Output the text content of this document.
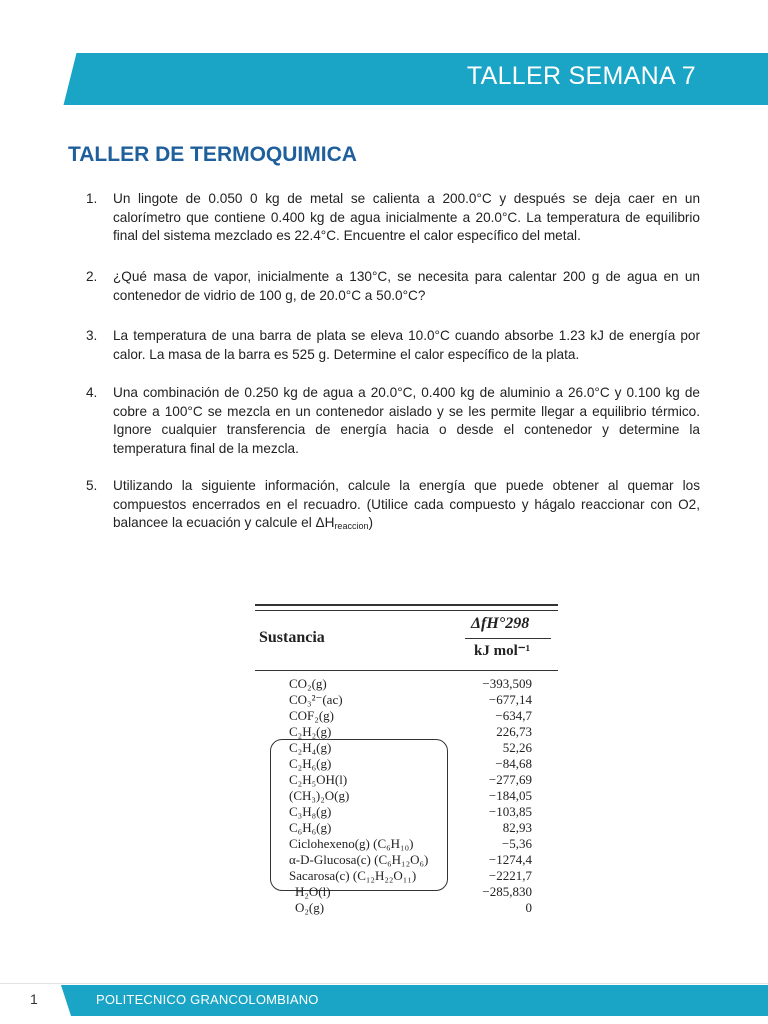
TALLER SEMANA 7
TALLER DE TERMOQUIMICA
1.	Un lingote de 0.050 0 kg de metal se calienta a 200.0°C y después se deja caer en un calorímetro que contiene 0.400 kg de agua inicialmente a 20.0°C. La temperatura de equilibrio final del sistema mezclado es 22.4°C. Encuentre el calor específico del metal.
2.	¿Qué masa de vapor, inicialmente a 130°C, se necesita para calentar 200 g de agua en un contenedor de vidrio de 100 g, de 20.0°C a 50.0°C?
3.	La temperatura de una barra de plata se eleva 10.0°C cuando absorbe 1.23 kJ de energía por calor. La masa de la barra es 525 g. Determine el calor específico de la plata.
4.	Una combinación de 0.250 kg de agua a 20.0°C, 0.400 kg de aluminio a 26.0°C y 0.100 kg de cobre a 100°C se mezcla en un contenedor aislado y se les permite llegar a equilibrio térmico. Ignore cualquier transferencia de energía hacia o desde el contenedor y determine la temperatura final de la mezcla.
5.	Utilizando la siguiente información, calcule la energía que puede obtener al quemar los compuestos encerrados en el recuadro. (Utilice cada compuesto y hágalo reaccionar con O2, balancee la ecuación y calcule el $\Delta H_{reaccion}$)
Sustancia
ΔfH°298
kJ mol⁻¹
CO₂(g)	−393,509
CO₃²⁻(ac)	−677,14
COF₂(g)	−634,7
C₂H₂(g)	226,73
C₂H₄(g)	52,26
C₂H₆(g)	−84,68
C₂H₅OH(l)	−277,69
(CH₃)₂O(g)	−184,05
C₃H₈(g)	−103,85
C₆H₆(g)	82,93
Ciclohexeno(g) (C₆H₁₀)	−5,36
α-D-Glucosa(c) (C₆H₁₂O₆)	−1274,4
Sacarosa(c) (C₁₂H₂₂O₁₁)	−2221,7
H₂O(l)	−285,830
O₂(g)	0
1	POLITECNICO GRANCOLOMBIANO
